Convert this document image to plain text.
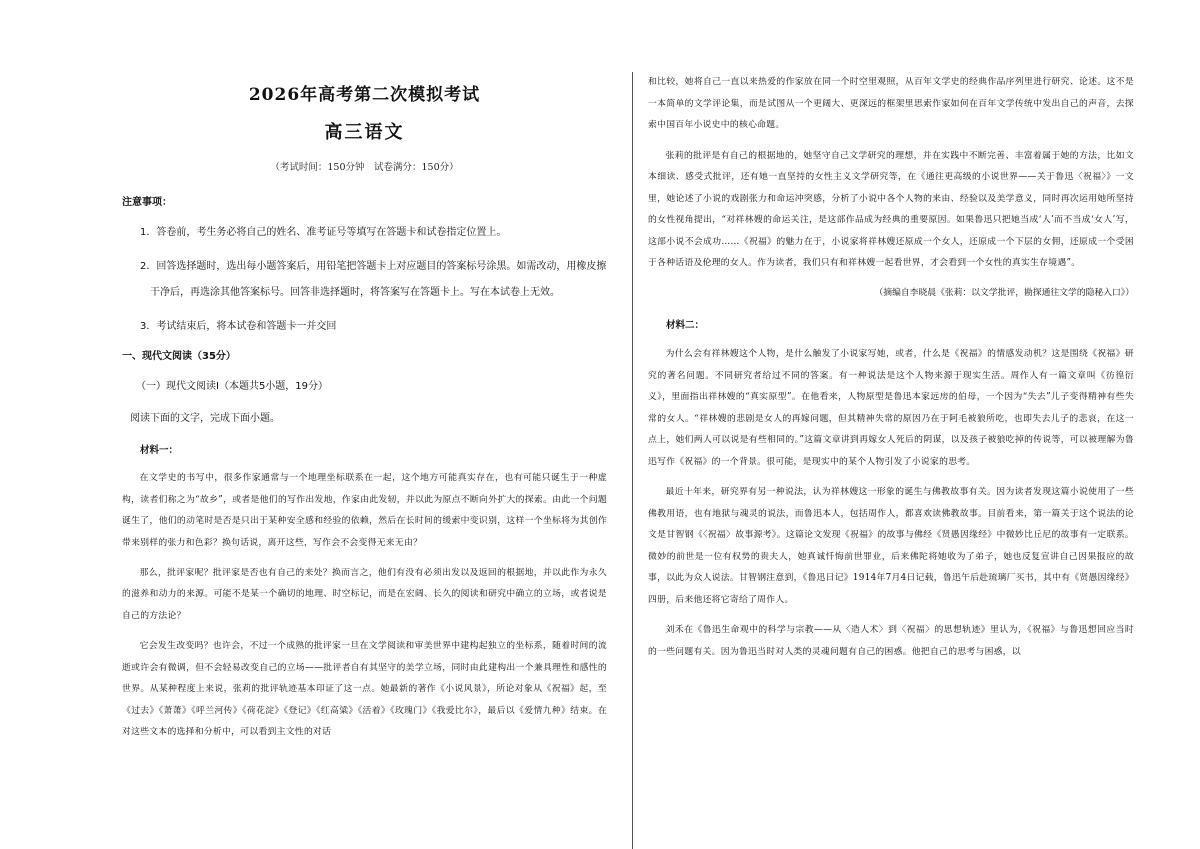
2026年高考第二次模拟考试
高三语文
（考试时间：150分钟　试卷满分：150分）
注意事项：
1．答卷前，考生务必将自己的姓名、准考证号等填写在答题卡和试卷指定位置上。
2．回答选择题时，选出每小题答案后，用铅笔把答题卡上对应题目的答案标号涂黑。如需改动，用橡皮擦干净后，再选涂其他答案标号。回答非选择题时，将答案写在答题卡上。写在本试卷上无效。
3．考试结束后，将本试卷和答题卡一并交回
一、现代文阅读（35分）
（一）现代文阅读Ⅰ（本题共5小题，19分）
阅读下面的文字，完成下面小题。
材料一：

在文学史的书写中，很多作家通常与一个地理坐标联系在一起，这个地方可能真实存在，也有可能只诞生于一种虚构，读者们称之为“故乡”，或者是他们的写作出发地，作家由此发轫，并以此为原点不断向外扩大的探索。由此一个问题诞生了，他们的动笔时是否是只出于某种安全感和经验的依赖，然后在长时间的缓索中变识别，这样一个坐标将为其创作带来别样的张力和色彩？换句话说，离开这些，写作会不会变得无来无由？

那么，批评家呢？批评家是否也有自己的来处？换而言之，他们有没有必须出发以及返回的根据地，并以此作为永久的滋养和动力的来源。可能不是某一个确切的地理、时空标记，而是在宏阔、长久的阅读和研究中确立的立场，或者说是自己的方法论？

它会发生改变吗？也许会，不过一个成熟的批评家一旦在文学阅读和审美世界中建构起独立的坐标系，随着时间的流逝或许会有微调，但不会轻易改变自己的立场——批评者自有其坚守的美学立场，同时由此建构出一个兼具理性和感性的世界。从某种程度上来说，张莉的批评轨迹基本印证了这一点。她最新的著作《小说风景》，所论对象从《祝福》起，至《过去》《萧萧》《呼兰河传》《荷花淀》《登记》《红高粱》《活着》《玫瑰门》《我爱比尔》，最后以《爱情九种》结束。在对这些文本的选择和分析中，可以看到主文性的对话

和比较，她将自己一直以来热爱的作家放在同一个时空里观照，从百年文学史的经典作品序列里进行研究、论述。这不是一本简单的文学评论集，而是试图从一个更阔大、更深远的框架里思索作家如何在百年文学传统中发出自己的声音，去探索中国百年小说史中的核心命题。

张莉的批评是有自己的根据地的，她坚守自己文学研究的理想，并在实践中不断完善、丰富着属于她的方法，比如文本细读、感受式批评，还有她一直坚持的女性主义文学研究等，在《通往更高级的小说世界——关于鲁迅〈祝福〉》一文里，她论述了小说的戏剧张力和命运冲突感，分析了小说中各个人物的来由、经验以及美学意义，同时再次运用她所坚持的女性视角提出，“对祥林嫂的命运关注，是这部作品成为经典的重要原因。如果鲁迅只把她当成‘人’而不当成‘女人’写，这部小说不会成功……《祝福》的魅力在于，小说家将祥林嫂还原成一个女人，还原成一个下层的女佣，还原成一个受困于各种话语及伦理的女人。作为读者，我们只有和祥林嫂一起看世界，才会看到一个女性的真实生存境遇”。

（摘编自李晓晨《张莉：以文学批评，勘探通往文学的隐秘入口》）
材料二：

为什么会有祥林嫂这个人物，是什么触发了小说家写她，或者，什么是《祝福》的情感发动机？这是围绕《祝福》研究的著名问题。不同研究者给过不同的答案。有一种说法是这个人物来源于现实生活。周作人有一篇文章叫《彷徨衍义》，里面指出祥林嫂的“真实原型”。在他看来，人物原型是鲁迅本家远房的伯母，一个因为“失去”儿子变得精神有些失常的女人。“祥林嫂的悲剧是女人的再嫁问题，但其精神失常的原因乃在于阿毛被狼所吃，也即失去儿子的悲哀，在这一点上，她们两人可以说是有些相同的。”这篇文章讲到再嫁女人死后的阴谋，以及孩子被狼吃掉的传说等，可以被理解为鲁迅写作《祝福》的一个背景。很可能，是现实中的某个人物引发了小说家的思考。

最近十年来，研究界有另一种说法，认为祥林嫂这一形象的诞生与佛教故事有关。因为读者发现这篇小说使用了一些佛教用语，也有地狱与魂灵的说法，而鲁迅本人，包括周作人，都喜欢读佛教故事。目前看来，第一篇关于这个说法的论文是甘智钢《〈祝福〉故事源考》。这篇论文发现《祝福》的故事与佛经《贤愚因缘经》中微妙比丘尼的故事有一定联系。微妙的前世是一位有权势的贵夫人，她真诚忏悔前世罪业，后来佛陀将她收为了弟子，她也反复宣讲自己因果报应的故事，以此为众人说法。甘智钢注意到，《鲁迅日记》1914年7月4日记载，鲁迅午后赴琉璃厂买书，其中有《贤愚因缘经》四册，后来他还将它寄给了周作人。

刘禾在《鲁迅生命观中的科学与宗教——从〈造人术〉到〈祝福〉的思想轨迹》里认为，《祝福》与鲁迅想回应当时的一些问题有关。因为鲁迅当时对人类的灵魂问题有自己的困惑。他把自己的思考与困惑，以
